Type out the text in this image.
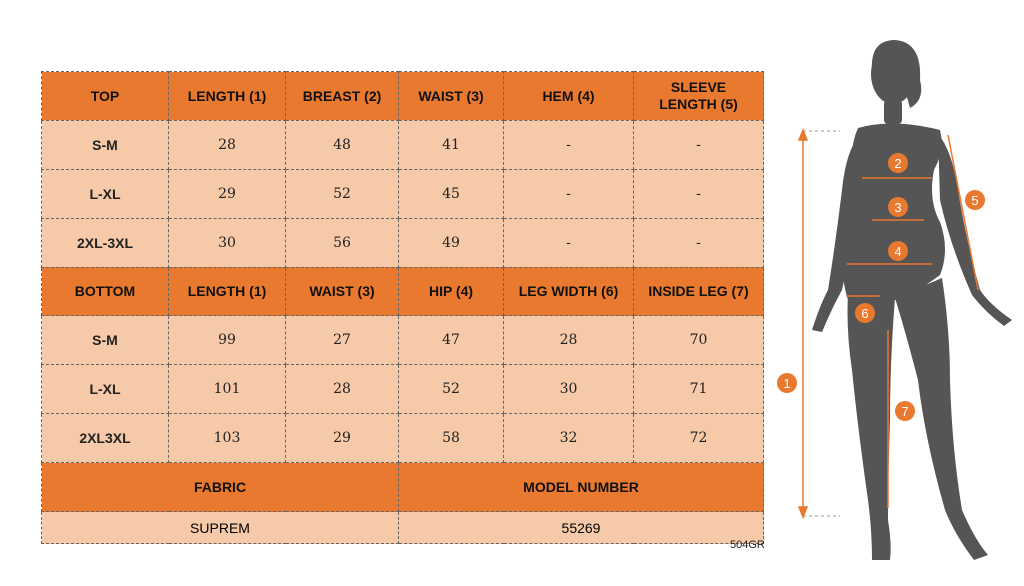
TOP	LENGTH (1)	BREAST (2)	WAIST (3)	HEM (4)	SLEEVE LENGTH (5)
S-M	28	48	41	-	-
L-XL	29	52	45	-	-
2XL-3XL	30	56	49	-	-
BOTTOM	LENGTH (1)	WAIST (3)	HIP (4)	LEG WIDTH (6)	INSIDE LEG (7)
S-M	99	27	47	28	70
L-XL	101	28	52	30	71
2XL3XL	103	29	58	32	72
FABRIC			MODEL NUMBER		
SUPREM			55269		
504GR
1
2
3
4
5
6
7
